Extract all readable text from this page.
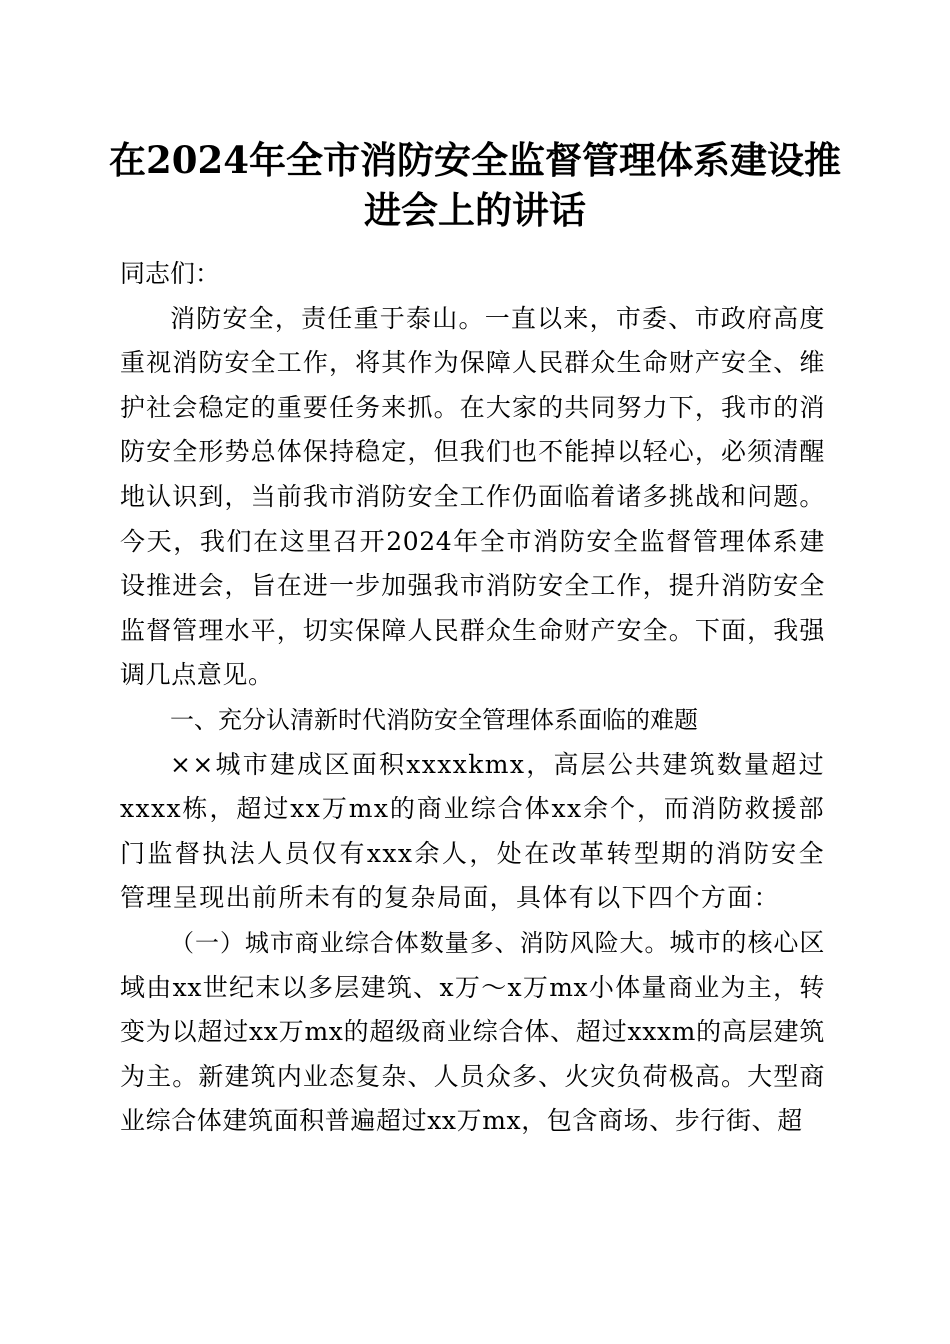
在2024年全市消防安全监督管理体系建设推
进会上的讲话

同志们：

消防安全，责任重于泰山。一直以来，市委、市政府高度重视消防安全工作，将其作为保障人民群众生命财产安全、维护社会稳定的重要任务来抓。在大家的共同努力下，我市的消防安全形势总体保持稳定，但我们也不能掉以轻心，必须清醒地认识到，当前我市消防安全工作仍面临着诸多挑战和问题。今天，我们在这里召开2024年全市消防安全监督管理体系建设推进会，旨在进一步加强我市消防安全工作，提升消防安全监督管理水平，切实保障人民群众生命财产安全。下面，我强调几点意见。

一、充分认清新时代消防安全管理体系面临的难题

××城市建成区面积xxxxkmx，高层公共建筑数量超过xxxx栋，超过xx万mx的商业综合体xx余个，而消防救援部门监督执法人员仅有xxx余人，处在改革转型期的消防安全管理呈现出前所未有的复杂局面，具体有以下四个方面：

（一）城市商业综合体数量多、消防风险大。城市的核心区域由xx世纪末以多层建筑、x万～x万mx小体量商业为主，转变为以超过xx万mx的超级商业综合体、超过xxxm的高层建筑为主。新建筑内业态复杂、人员众多、火灾负荷极高。大型商业综合体建筑面积普遍超过xx万mx，包含商场、步行街、超
